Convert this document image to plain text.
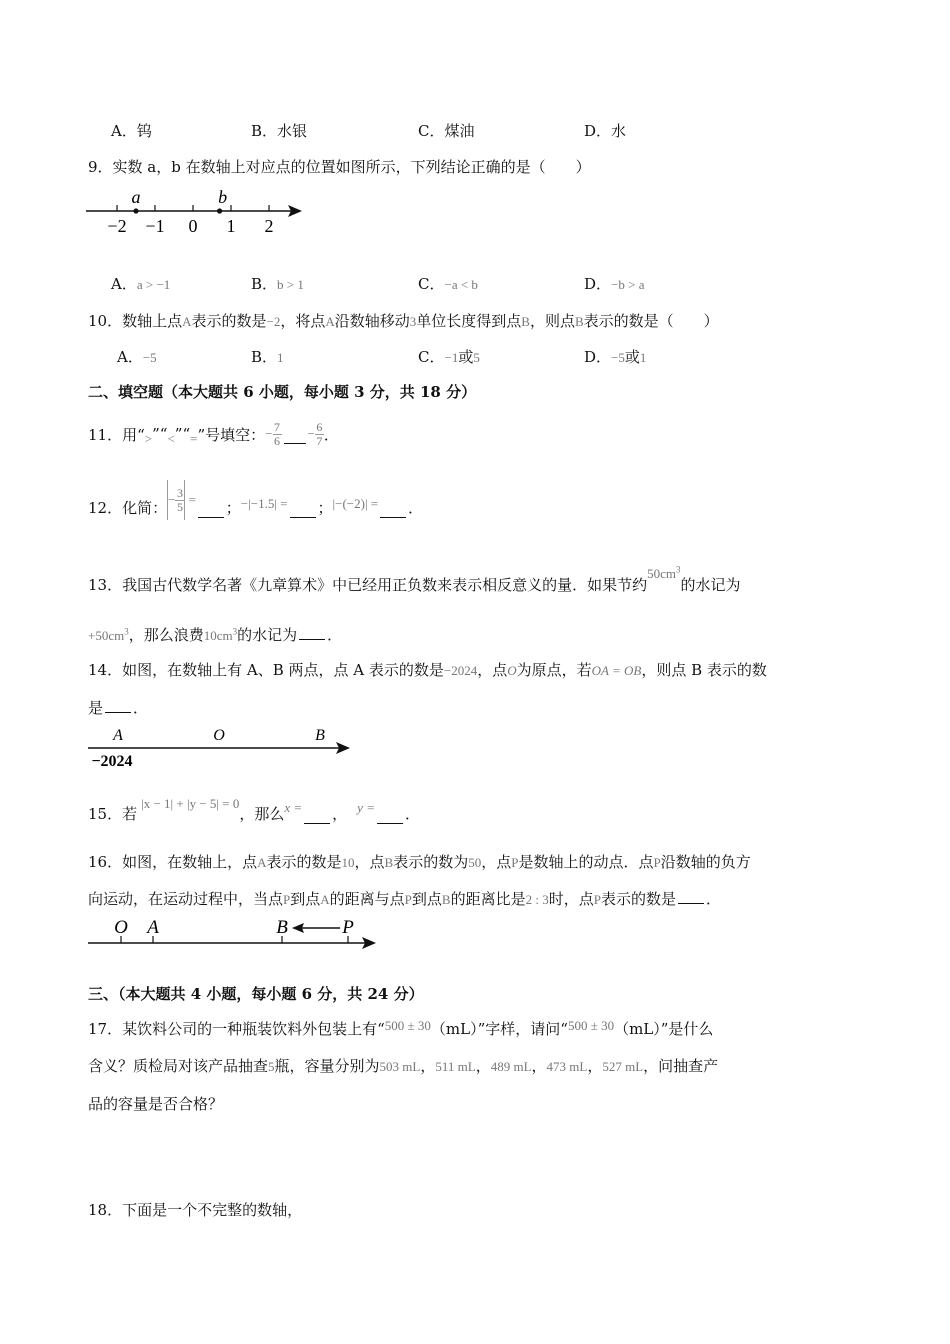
A．钨	B．水银	C．煤油	D．水
9．实数 a，b 在数轴上对应点的位置如图所示，下列结论正确的是（　　）
−2 −1 0 1 2
a	b
A．a > −1	B．b > 1	C．−a < b	D．−b > a
10．数轴上点A表示的数是−2，将点A沿数轴移动3单位长度得到点B，则点B表示的数是（　　）
A．−5	B．1	C．−1或5	D．−5或1
二、填空题（本大题共 6 小题，每小题 3 分，共 18 分）
11．用“ > ”“ < ”“ = ”号填空： − $\frac{7}{6} - \frac{6}{7}$ ．
12．化简： − $\frac{3}{5}$ = ； −|−1.5| = ； |−(−2)| = ．
13．我国古代数学名著《九章算术》中已经用正负数来表示相反意义的量．如果节约$50cm^3$的水记为
$+50cm^3$，那么浪费$10cm^3$的水记为 ．
14．如图，在数轴上有 A、B 两点，点 A 表示的数是−2024，点O为原点，若OA = OB，则点 B 表示的数
是 ．
A	O	B
−2024
15．若
|x − 1| + |y − 5| = 0
，那么 x = ， y = ．
16．如图，在数轴上，点A表示的数是10，点B表示的数为50，点P是数轴上的动点．点P沿数轴的负方
向运动，在运动过程中，当点P到点A的距离与点P到点B的距离比是2 : 3时，点P表示的数是 ．
O A	B	P
三、（本大题共 4 小题，每小题 6 分，共 24 分）
17．某饮料公司的一种瓶装饮料外包装上有“500 ± 30（mL）”字样，请问“500 ± 30（mL）”是什么
含义？质检局对该产品抽查5瓶，容量分别为503 mL，511 mL，489 mL，473 mL，527 mL，问抽查产
品的容量是否合格？
18．下面是一个不完整的数轴，
